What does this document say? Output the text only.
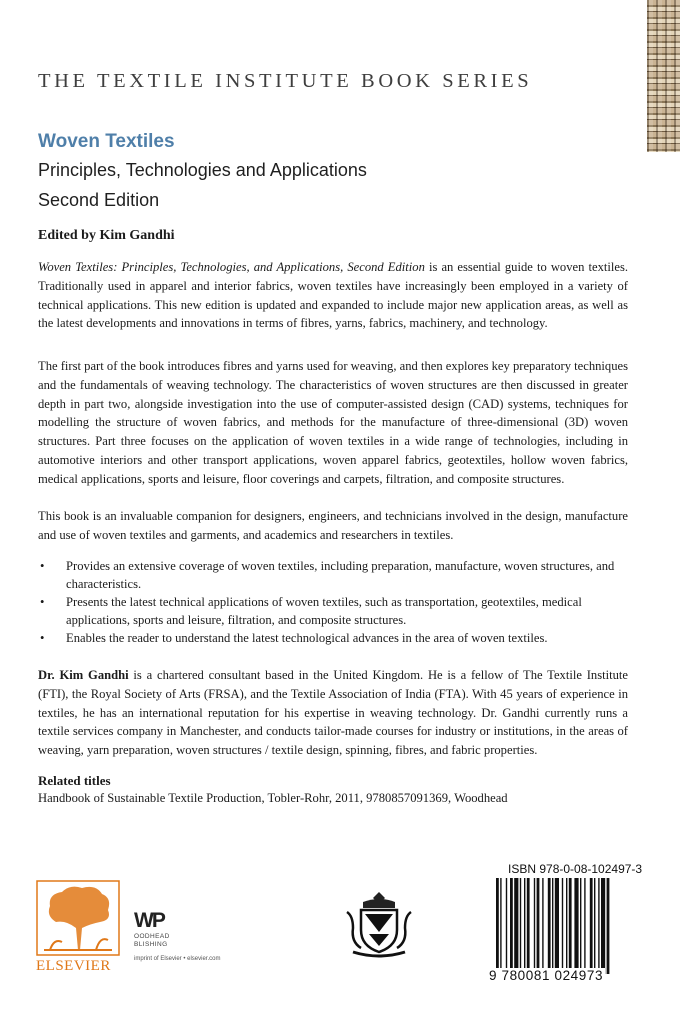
THE TEXTILE INSTITUTE BOOK SERIES
Woven Textiles
Principles, Technologies and Applications
Second Edition
Edited by Kim Gandhi

Woven Textiles: Principles, Technologies, and Applications, Second Edition is an essential guide to woven textiles. Traditionally used in apparel and interior fabrics, woven textiles have increasingly been employed in a variety of technical applications. This new edition is updated and expanded to include major new application areas, as well as the latest developments and innovations in terms of fibres, yarns, fabrics, machinery, and technology.

The first part of the book introduces fibres and yarns used for weaving, and then explores key preparatory techniques and the fundamentals of weaving technology. The characteristics of woven structures are then discussed in greater depth in part two, alongside investigation into the use of computer-assisted design (CAD) systems, techniques for modelling the structure of woven fabrics, and methods for the manufacture of three-dimensional (3D) woven structures. Part three focuses on the application of woven textiles in a wide range of technologies, including in automotive interiors and other transport applications, woven apparel fabrics, geotextiles, hollow woven fabrics, medical applications, sports and leisure, floor coverings and carpets, filtration, and composite structures.

This book is an invaluable companion for designers, engineers, and technicians involved in the design, manufacture and use of woven textiles and garments, and academics and researchers in textiles.

• Provides an extensive coverage of woven textiles, including preparation, manufacture, woven structures, and characteristics.
• Presents the latest technical applications of woven textiles, such as transportation, geotextiles, medical applications, sports and leisure, filtration, and composite structures.
• Enables the reader to understand the latest technological advances in the area of woven textiles.

Dr. Kim Gandhi is a chartered consultant based in the United Kingdom. He is a fellow of The Textile Institute (FTI), the Royal Society of Arts (FRSA), and the Textile Association of India (FTA). With 45 years of experience in textiles, he has an international reputation for his expertise in weaving technology. Dr. Gandhi currently runs a textile services company in Manchester, and conducts tailor-made courses for industry or institutions, in the areas of weaving, yarn preparation, woven structures / textile design, spinning, fibres, and fabric properties.

Related titles
Handbook of Sustainable Textile Production, Tobler-Rohr, 2011, 9780857091369, Woodhead
ELSEVIER
WP
OODHEAD
BLISHING
imprint of Elsevier • elsevier.com
ISBN 978-0-08-102497-3
9 780081 024973
